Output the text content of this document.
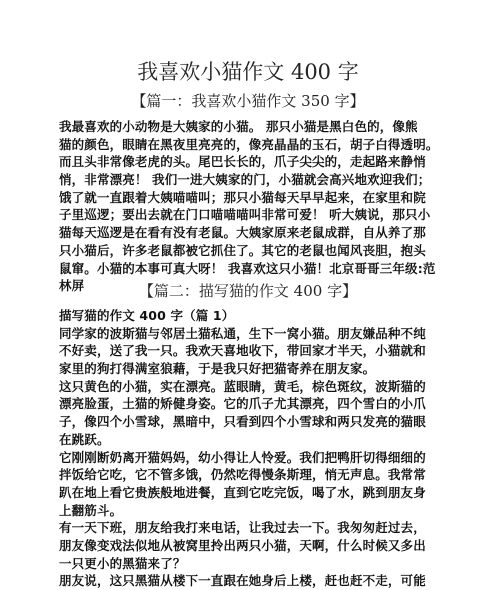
我喜欢小猫作文 400 字
【篇一：我喜欢小猫作文 350 字】
我最喜欢的小动物是大姨家的小猫。 那只小猫是黑白色的，像熊
猫的颜色，眼睛在黑夜里亮亮的，像亮晶晶的玉石，胡子白得透明。
而且头非常像老虎的头。尾巴长长的，爪子尖尖的，走起路来静悄
悄，非常漂亮！ 我们一进大姨家的门，小猫就会高兴地欢迎我们；
饿了就一直跟着大姨喵喵叫；那只小猫每天早早起来，在家里和院
子里巡逻；要出去就在门口喵喵喵叫非常可爱！ 听大姨说，那只小
猫每天巡逻是在看有没有老鼠。大姨家原来老鼠成群，自从养了那
只小猫后，许多老鼠都被它抓住了。其它的老鼠也闻风丧胆，抱头
鼠窜。小猫的本事可真大呀！ 我喜欢这只小猫！北京哥哥三年级:范
林屏	【篇二：描写猫的作文 400 字】
描写猫的作文 400 字（篇 1）
同学家的波斯猫与邻居土猫私通，生下一窝小猫。朋友嫌品种不纯
不好卖，送了我一只。我欢天喜地收下，带回家才半天，小猫就和
家里的狗打得满室狼藉，于是我只好把猫寄养在朋友家。
这只黄色的小猫，实在漂亮。蓝眼睛，黄毛，棕色斑纹，波斯猫的
漂亮脸蛋，土猫的矫健身姿。它的爪子尤其漂亮，四个雪白的小爪
子，像四个小雪球，黑暗中，只看到四个小雪球和两只发亮的猫眼
在跳跃。
它刚刚断奶离开猫妈妈，幼小得让人怜爱。我们把鸭肝切得细细的
拌饭给它吃，它不管多饿，仍然吃得慢条斯理，悄无声息。我常常
趴在地上看它贵族般地进餐，直到它吃完饭，喝了水，跳到朋友身
上翻筋斗。
有一天下班，朋友给我打来电话，让我过去一下。我匆匆赶过去，
朋友像变戏法似地从被窝里拎出两只小猫，天啊，什么时候又多出
一只更小的黑猫来了？
朋友说，这只黑猫从楼下一直跟在她身后上楼，赶也赶不走，可能
